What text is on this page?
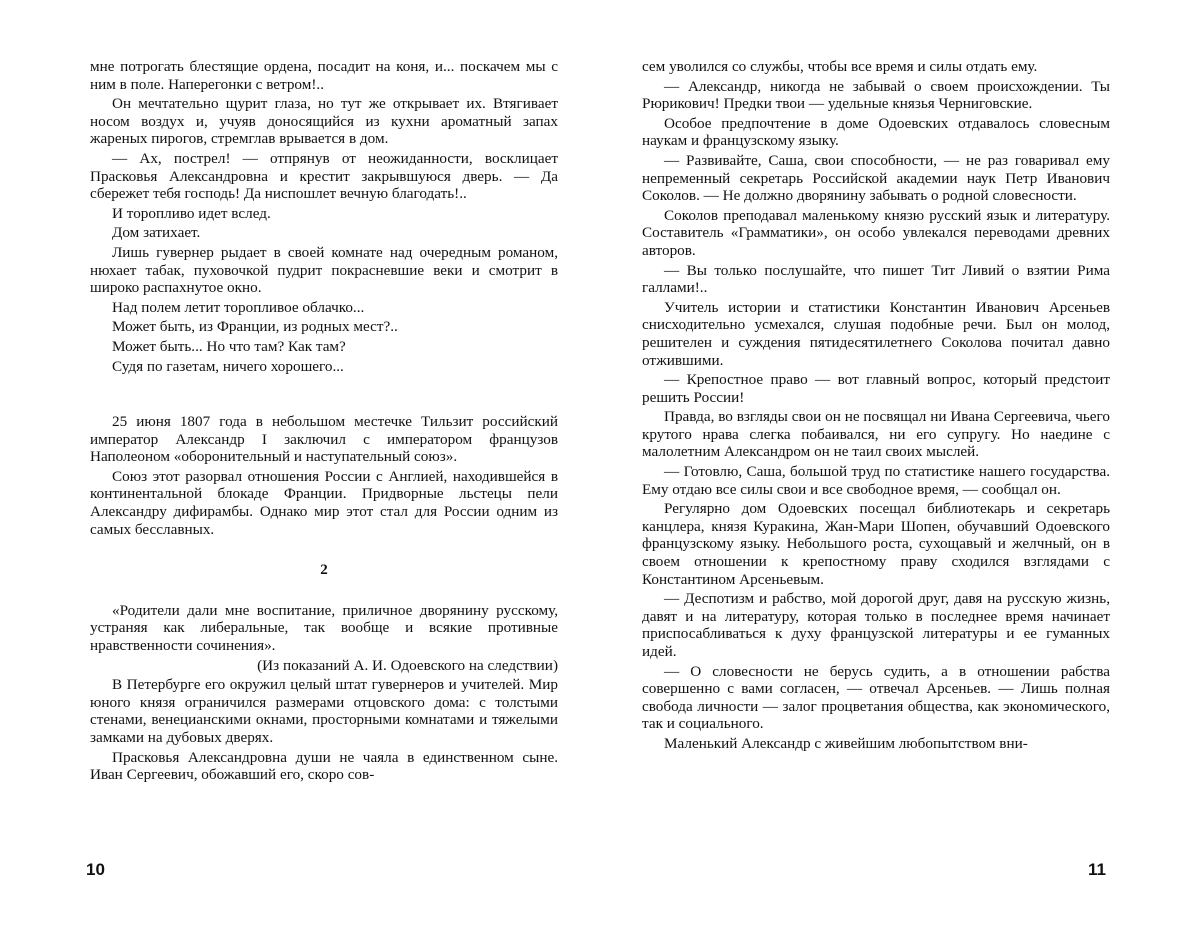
мне потрогать блестящие ордена, посадит на коня, и... поскачем мы с ним в поле. Наперегонки с ветром!..

Он мечтательно щурит глаза, но тут же открывает их. Втягивает носом воздух и, учуяв доносящийся из кухни ароматный запах жареных пирогов, стремглав врывается в дом.

— Ах, пострел! — отпрянув от неожиданности, восклицает Прасковья Александровна и крестит закрывшуюся дверь. — Да сбережет тебя господь! Да ниспошлет вечную благодать!..

И торопливо идет вслед.

Дом затихает.

Лишь гувернер рыдает в своей комнате над очередным романом, нюхает табак, пуховочкой пудрит покрасневшие веки и смотрит в широко распахнутое окно.

Над полем летит торопливое облачко...

Может быть, из Франции, из родных мест?..

Может быть... Но что там? Как там?

Судя по газетам, ничего хорошего...

25 июня 1807 года в небольшом местечке Тильзит российский император Александр I заключил с императором французов Наполеоном «оборонительный и наступательный союз».

Союз этот разорвал отношения России с Англией, находившейся в континентальной блокаде Франции. Придворные льстецы пели Александру дифирамбы. Однако мир этот стал для России одним из самых бесславных.

2

«Родители дали мне воспитание, приличное дворянину русскому, устраняя как либеральные, так вообще и всякие противные нравственности сочинения».

(Из показаний А. И. Одоевского на следствии)

В Петербурге его окружил целый штат гувернеров и учителей. Мир юного князя ограничился размерами отцовского дома: с толстыми стенами, венецианскими окнами, просторными комнатами и тяжелыми замками на дубовых дверях.

Прасковья Александровна души не чаяла в единственном сыне. Иван Сергеевич, обожавший его, скоро сов-

сем уволился со службы, чтобы все время и силы отдать ему.

— Александр, никогда не забывай о своем происхождении. Ты Рюрикович! Предки твои — удельные князья Черниговские.

Особое предпочтение в доме Одоевских отдавалось словесным наукам и французскому языку.

— Развивайте, Саша, свои способности, — не раз говаривал ему непременный секретарь Российской академии наук Петр Иванович Соколов. — Не должно дворянину забывать о родной словесности.

Соколов преподавал маленькому князю русский язык и литературу. Составитель «Грамматики», он особо увлекался переводами древних авторов.

— Вы только послушайте, что пишет Тит Ливий о взятии Рима галлами!..

Учитель истории и статистики Константин Иванович Арсеньев снисходительно усмехался, слушая подобные речи. Был он молод, решителен и суждения пятидесятилетнего Соколова почитал давно отжившими.

— Крепостное право — вот главный вопрос, который предстоит решить России!

Правда, во взгляды свои он не посвящал ни Ивана Сергеевича, чьего крутого нрава слегка побаивался, ни его супругу. Но наедине с малолетним Александром он не таил своих мыслей.

— Готовлю, Саша, большой труд по статистике нашего государства. Ему отдаю все силы свои и все свободное время, — сообщал он.

Регулярно дом Одоевских посещал библиотекарь и секретарь канцлера, князя Куракина, Жан-Мари Шопен, обучавший Одоевского французскому языку. Небольшого роста, сухощавый и желчный, он в своем отношении к крепостному праву сходился взглядами с Константином Арсеньевым.

— Деспотизм и рабство, мой дорогой друг, давя на русскую жизнь, давят и на литературу, которая только в последнее время начинает приспосабливаться к духу французской литературы и ее гуманных идей.

— О словесности не берусь судить, а в отношении рабства совершенно с вами согласен, — отвечал Арсеньев. — Лишь полная свобода личности — залог процветания общества, как экономического, так и социального.

Маленький Александр с живейшим любопытством вни-

10	11
